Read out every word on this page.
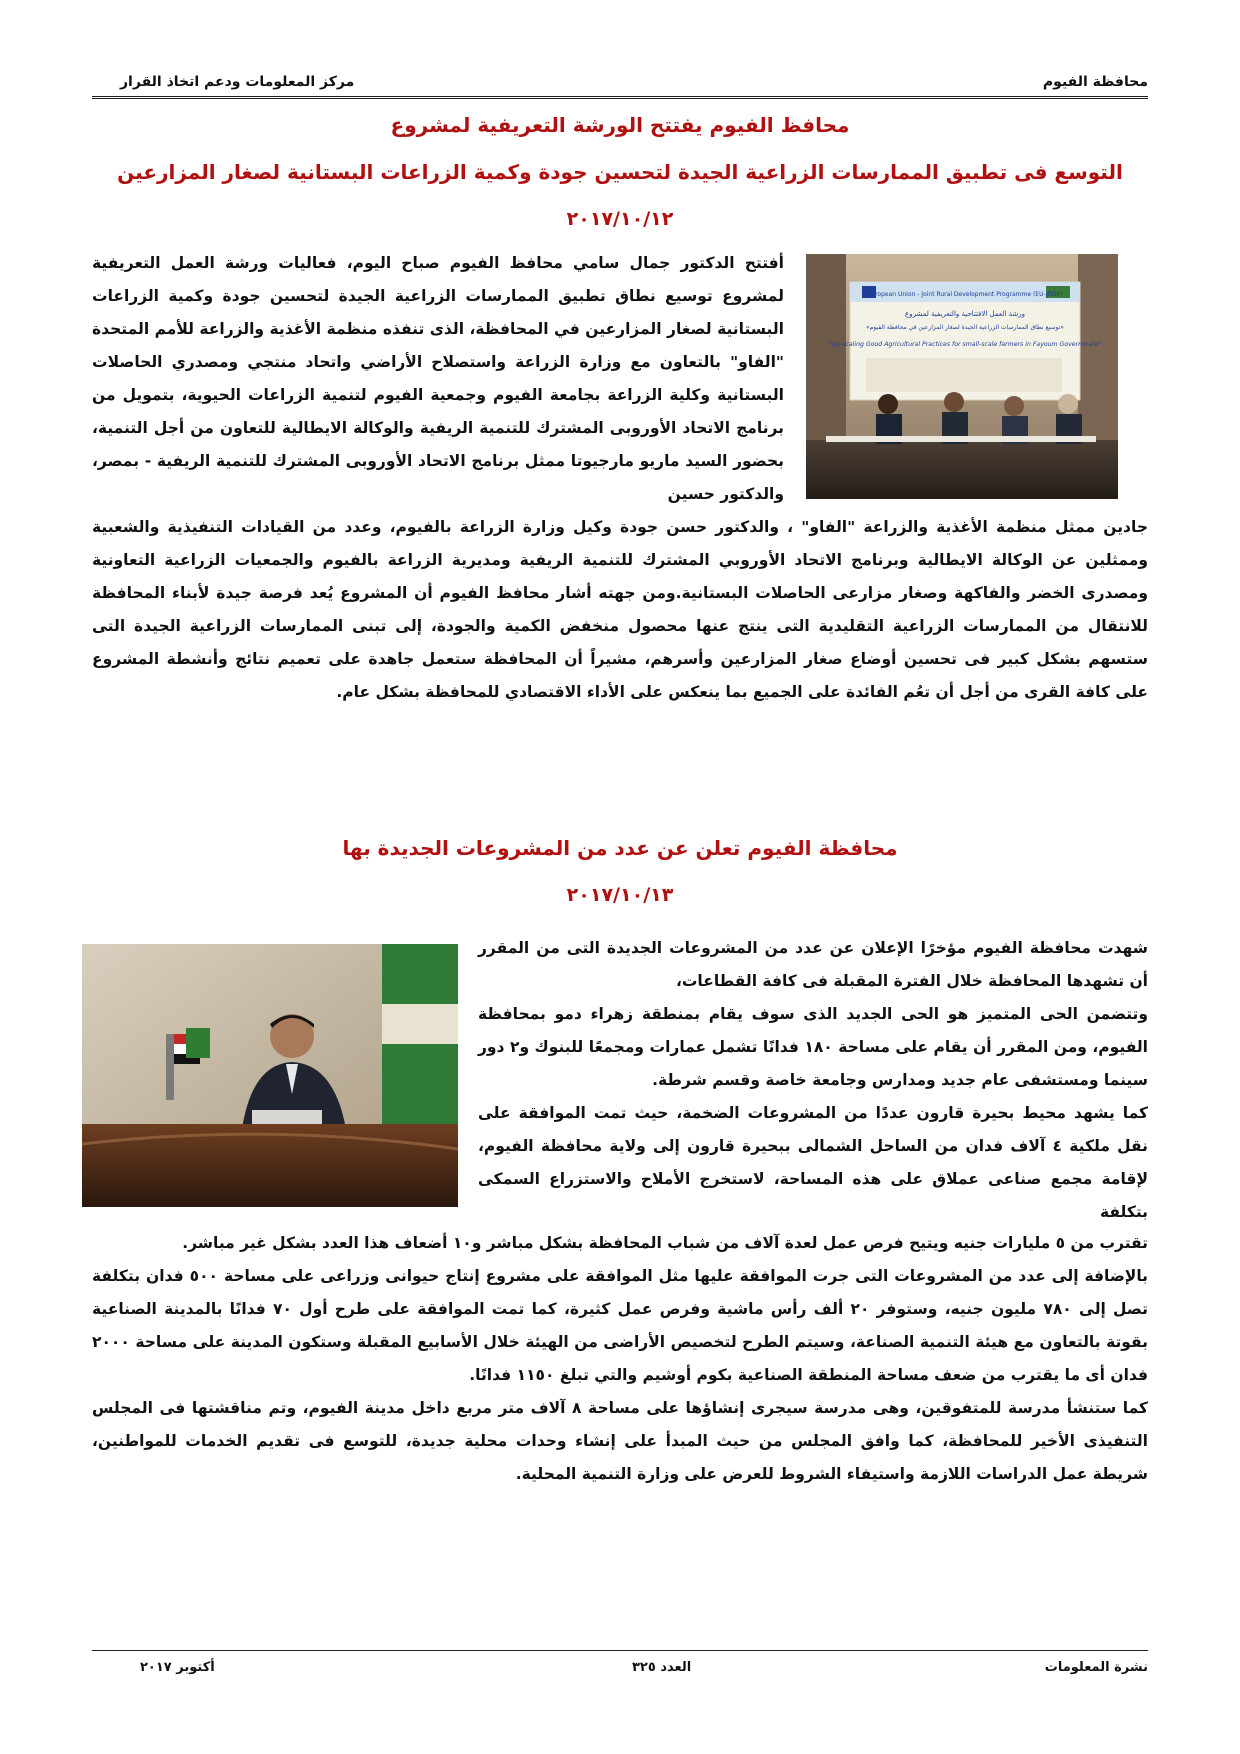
محافظة الفيوم
مركز المعلومات ودعم اتخاذ القرار
محافظ الفيوم يفتتح الورشة التعريفية لمشروع
التوسع فى تطبيق الممارسات الزراعية الجيدة لتحسين جودة وكمية الزراعات البستانية لصغار المزارعين
٢٠١٧/١٠/١٢
European Union - Joint Rural Development Programme (EU-JRDP)
ورشة العمل الافتتاحية والتعريفية لمشروع
«توسيع نطاق الممارسات الزراعية الجيدة لصغار المزارعين في محافظة الفيوم»
"Up-scaling Good Agricultural Practices for small-scale farmers in Fayoum Governorate"

أفتتح الدكتور جمال سامي محافظ الفيوم صباح اليوم، فعاليات ورشة العمل التعريفية لمشروع توسيع نطاق تطبيق الممارسات الزراعية الجيدة لتحسين جودة وكمية الزراعات البستانية لصغار المزارعين في المحافظة، الذى تنفذه منظمة الأغذية والزراعة للأمم المتحدة "الفاو" بالتعاون مع وزارة الزراعة واستصلاح الأراضي واتحاد منتجي ومصدري الحاصلات البستانية وكلية الزراعة بجامعة الفيوم وجمعية الفيوم لتنمية الزراعات الحيوية، بتمويل من برنامج الاتحاد الأوروبى المشترك للتنمية الريفية والوكالة الايطالية للتعاون من أجل التنمية، بحضور السيد ماريو مارجيوتا ممثل برنامج الاتحاد الأوروبى المشترك للتنمية الريفية - بمصر، والدكتور حسين

جادين ممثل منظمة الأغذية والزراعة "الفاو" ، والدكتور حسن جودة وكيل وزارة الزراعة بالفيوم، وعدد من القيادات التنفيذية والشعبية وممثلين عن الوكالة الايطالية وبرنامج الاتحاد الأوروبي المشترك للتنمية الريفية ومديرية الزراعة بالفيوم والجمعيات الزراعية التعاونية ومصدرى الخضر والفاكهة وصغار مزارعى الحاصلات البستانية.ومن جهته أشار محافظ الفيوم أن المشروع يُعد فرصة جيدة لأبناء المحافظة للانتقال من الممارسات الزراعية التقليدية التى ينتج عنها محصول منخفض الكمية والجودة، إلى تبنى الممارسات الزراعية الجيدة التى ستسهم بشكل كبير فى تحسين أوضاع صغار المزارعين وأسرهم، مشيراً أن المحافظة ستعمل جاهدة على تعميم نتائج وأنشطة المشروع على كافة القرى من أجل أن تعُم الفائدة على الجميع بما ينعكس على الأداء الاقتصادي للمحافظة بشكل عام.

محافظة الفيوم تعلن عن عدد من المشروعات الجديدة بها
٢٠١٧/١٠/١٣

شهدت محافظة الفيوم مؤخرًا الإعلان عن عدد من المشروعات الجديدة التى من المقرر أن تشهدها المحافظة خلال الفترة المقبلة فى كافة القطاعات،

وتتضمن الحى المتميز هو الحى الجديد الذى سوف يقام بمنطقة زهراء دمو بمحافظة الفيوم، ومن المقرر أن يقام على مساحة ١٨٠ فدانًا تشمل عمارات ومجمعًا للبنوك و٢ دور سينما ومستشفى عام جديد ومدارس وجامعة خاصة وقسم شرطة.

كما يشهد محيط بحيرة قارون عددًا من المشروعات الضخمة، حيث تمت الموافقة على نقل ملكية ٤ آلاف فدان من الساحل الشمالى ببحيرة قارون إلى ولاية محافظة الفيوم، لإقامة مجمع صناعى عملاق على هذه المساحة، لاستخرج الأملاح والاستزراع السمكى بتكلفة

تقترب من ٥ مليارات جنيه ويتيح فرص عمل لعدة آلاف من شباب المحافظة بشكل مباشر و١٠ أضعاف هذا العدد بشكل غير مباشر.

بالإضافة إلى عدد من المشروعات التى جرت الموافقة عليها مثل الموافقة على مشروع إنتاج حيوانى وزراعى على مساحة ٥٠٠ فدان بتكلفة تصل إلى ٧٨٠ مليون جنيه، وستوفر ٢٠ ألف رأس ماشية وفرص عمل كثيرة، كما تمت الموافقة على طرح أول ٧٠ فدانًا بالمدينة الصناعية بقوتة بالتعاون مع هيئة التنمية الصناعة، وسيتم الطرح لتخصيص الأراضى من الهيئة خلال الأسابيع المقبلة وستكون المدينة على مساحة ٢٠٠٠ فدان أى ما يقترب من ضعف مساحة المنطقة الصناعية بكوم أوشيم والتي تبلغ ١١٥٠ فدانًا.

كما ستنشأ مدرسة للمتفوقين، وهى مدرسة سيجرى إنشاؤها على مساحة ٨ آلاف متر مربع داخل مدينة الفيوم، وتم مناقشتها فى المجلس التنفيذى الأخير للمحافظة، كما وافق المجلس من حيث المبدأ على إنشاء وحدات محلية جديدة، للتوسع فى تقديم الخدمات للمواطنين، شريطة عمل الدراسات اللازمة واستيفاء الشروط للعرض على وزارة التنمية المحلية.

نشرة المعلومات
العدد ٣٢٥
أكتوبر ٢٠١٧
